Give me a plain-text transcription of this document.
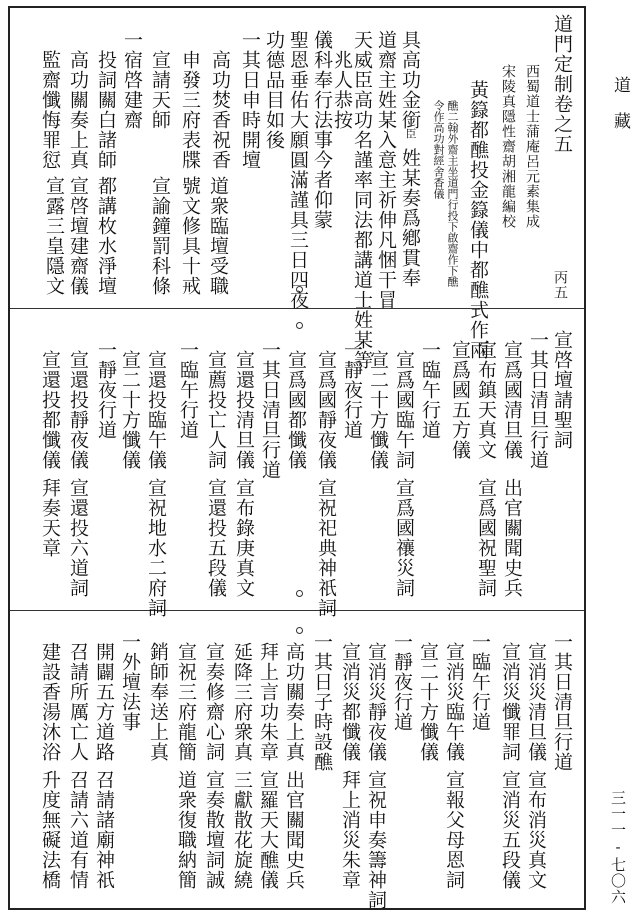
道
藏
三一一-七〇六
道門定制卷之五
西蜀道士蒲庵呂元素集成
宋陵真隱性齋胡湘龍編校
丙五
黃籙都醮投金籙儀中都醮式作兩
醮二翰外齋主坐道門行投下啟齋作下醮
令作高功對經舍香儀
具高功金銜
臣
姓某奏爲鄕貫奉
道齋主姓某入意主祈伸凡悃干冒
天威臣高功名謹率同法都講道士姓某等
兆人恭按
儀科奉行法事今者仰蒙
聖恩垂佑大願圓滿謹具三日四夜
功德品目如後
一其日申時開壇
高功焚香祝香
申發三府表牒
宣請天師
投詞關白諸師
高功關奏上真
監齋懺悔罪愆	一宿啓建齋
宣露三皇隱文 都講枚水淨壇
宣啓壇建齋儀	道衆臨壇受職
號文修具十戒
宣啓壇請聖詞
一其日清旦行道
宣爲國清旦儀
宣布鎮天真文
宣爲國五方儀
一臨午行道
宣爲國臨午詞
宣二十方懺儀
一靜夜行道
宣爲國靜夜儀
宣爲國都懺儀
一其日清旦行道
宣還投清旦儀
宣薦投亡人詞
一臨午行道
宣還投臨午儀
宣二十方懺儀
一靜夜行道
宣還投靜夜儀
宣還投都懺儀
出官關聞史兵
宣爲國祝聖詞
宣爲國禳災詞
宣祝祀典神祇詞
宣布錄庚真文
宣還投五段儀
宣祝地水二府詞
宣還投六道詞
拜奏天章
一其日清旦行道
宣消災清旦儀
宣消災懺罪詞
一臨午行道
宣消災臨午儀
宣二十方懺儀
一靜夜行道
宣消災靜夜儀
宣消災都懺儀
一其日子時設醮
高功關奏上真
拜上言功朱章
延降三府衆真
宣奏修齋心詞
宣祝三府龍簡
銷師奉送上真
一外壇法事
開闢五方道路
召請所厲亡人
建設香湯沐浴
宣布消災真文
宣消災五段儀
宣報父母恩詞
宣祝申奏籌神詞
拜上消災朱章
出官關聞史兵
宣羅天大醮儀
三獻散花旋繞
宣奏散壇詞誠
道衆復職納簡
召請諸廟神祇
召請六道有情
升度無礙法橋
宣諭鐘罰科條
